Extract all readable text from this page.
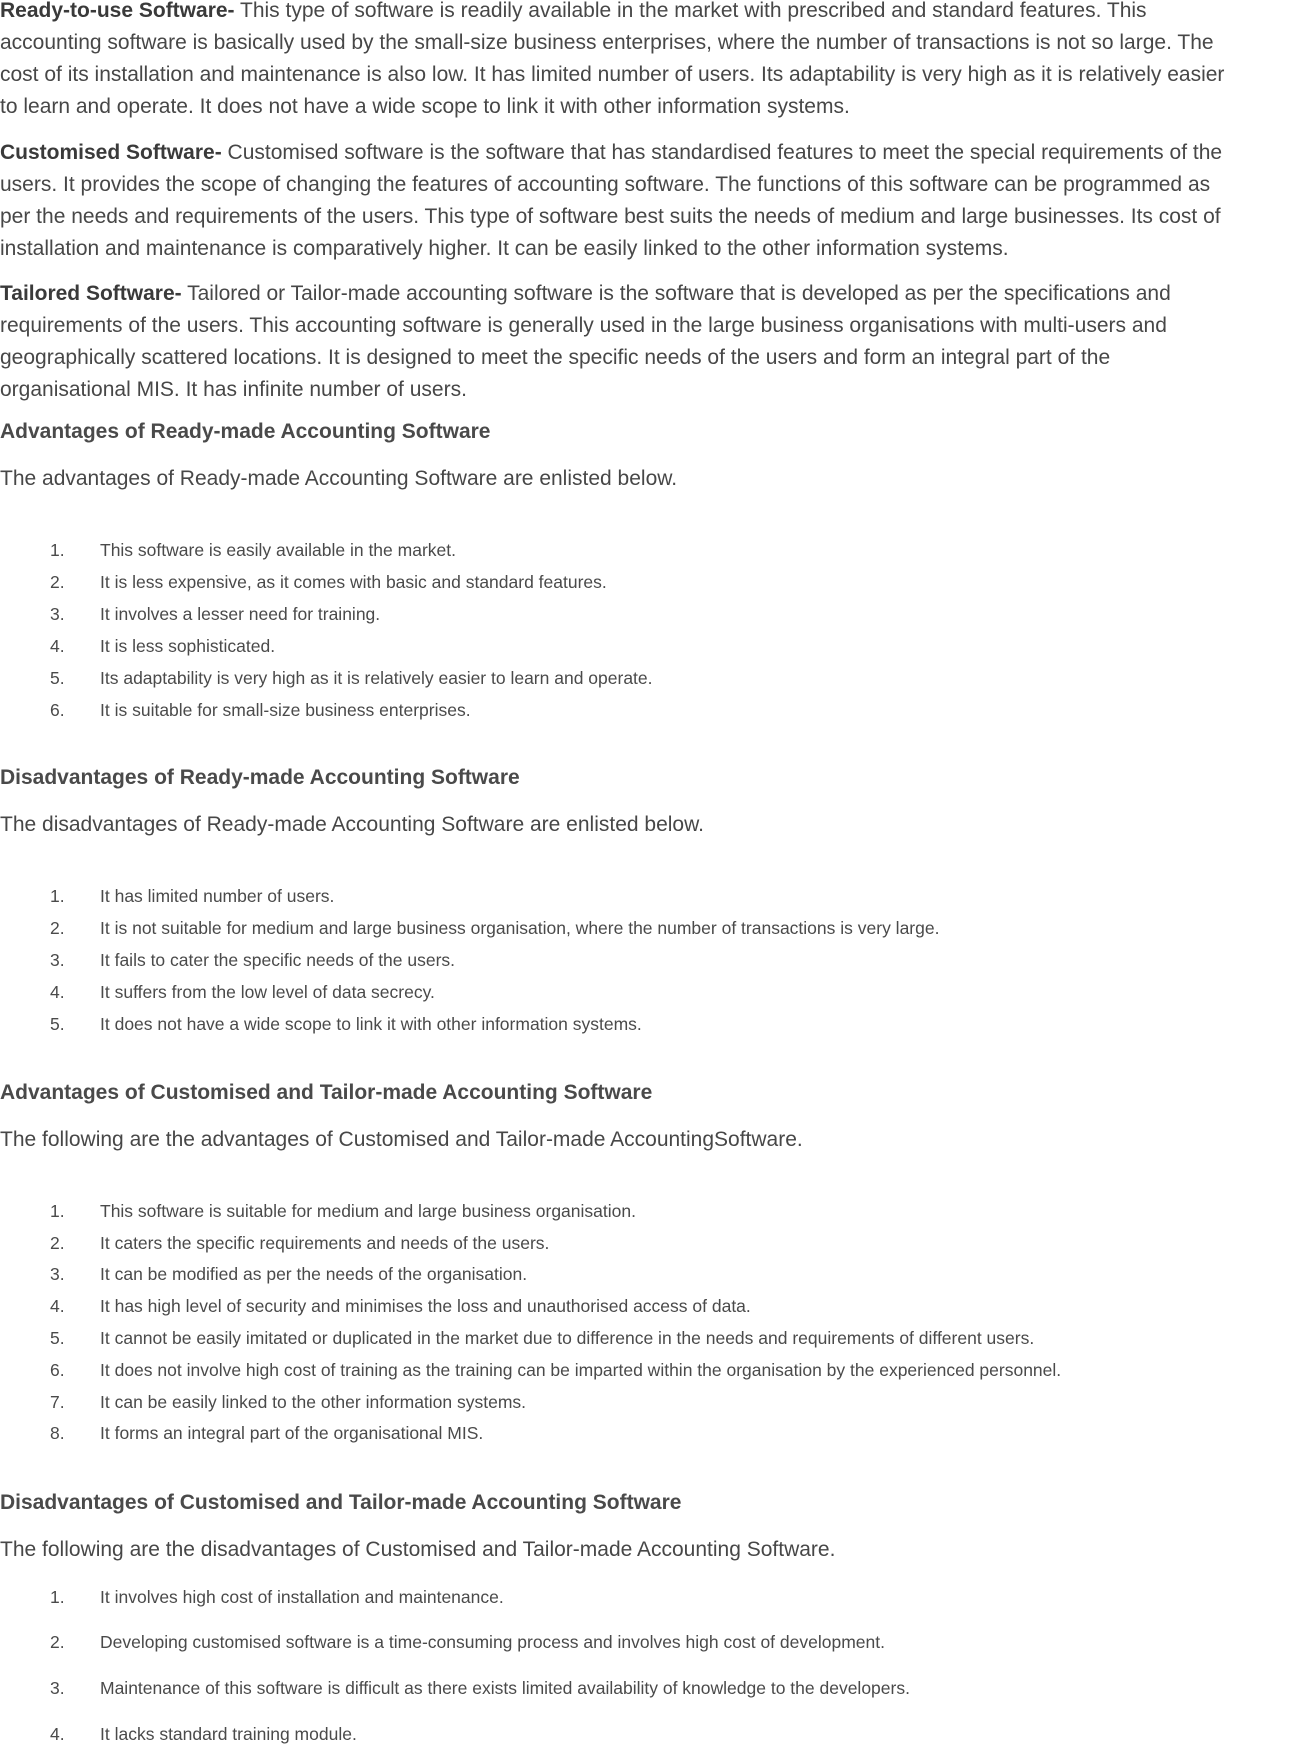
Ready-to-use Software- This type of software is readily available in the market with prescribed and standard features. This
accounting software is basically used by the small-size business enterprises, where the number of transactions is not so large. The
cost of its installation and maintenance is also low. It has limited number of users. Its adaptability is very high as it is relatively easier
to learn and operate. It does not have a wide scope to link it with other information systems.

Customised Software- Customised software is the software that has standardised features to meet the special requirements of the
users. It provides the scope of changing the features of accounting software. The functions of this software can be programmed as
per the needs and requirements of the users. This type of software best suits the needs of medium and large businesses. Its cost of
installation and maintenance is comparatively higher. It can be easily linked to the other information systems.

Tailored Software- Tailored or Tailor-made accounting software is the software that is developed as per the specifications and
requirements of the users. This accounting software is generally used in the large business organisations with multi-users and
geographically scattered locations. It is designed to meet the specific needs of the users and form an integral part of the
organisational MIS. It has infinite number of users.

Advantages of Ready-made Accounting Software

The advantages of Ready-made Accounting Software are enlisted below.

1.	This software is easily available in the market.
2.	It is less expensive, as it comes with basic and standard features.
3.	It involves a lesser need for training.
4.	It is less sophisticated.
5.	Its adaptability is very high as it is relatively easier to learn and operate.
6.	It is suitable for small-size business enterprises.
Disadvantages of Ready-made Accounting Software

The disadvantages of Ready-made Accounting Software are enlisted below.

1.	It has limited number of users.
2.	It is not suitable for medium and large business organisation, where the number of transactions is very large.
3.	It fails to cater the specific needs of the users.
4.	It suffers from the low level of data secrecy.
5.	It does not have a wide scope to link it with other information systems.
Advantages of Customised and Tailor-made Accounting Software

The following are the advantages of Customised and Tailor-made AccountingSoftware.

1.	This software is suitable for medium and large business organisation.
2.	It caters the specific requirements and needs of the users.
3.	It can be modified as per the needs of the organisation.
4.	It has high level of security and minimises the loss and unauthorised access of data.
5.	It cannot be easily imitated or duplicated in the market due to difference in the needs and requirements of different users.
6.	It does not involve high cost of training as the training can be imparted within the organisation by the experienced personnel.
7.	It can be easily linked to the other information systems.
8.	It forms an integral part of the organisational MIS.
Disadvantages of Customised and Tailor-made Accounting Software

The following are the disadvantages of Customised and Tailor-made Accounting Software.

1.	It involves high cost of installation and maintenance.
2.	Developing customised software is a time-consuming process and involves high cost of development.
3.	Maintenance of this software is difficult as there exists limited availability of knowledge to the developers.
4.	It lacks standard training module.
